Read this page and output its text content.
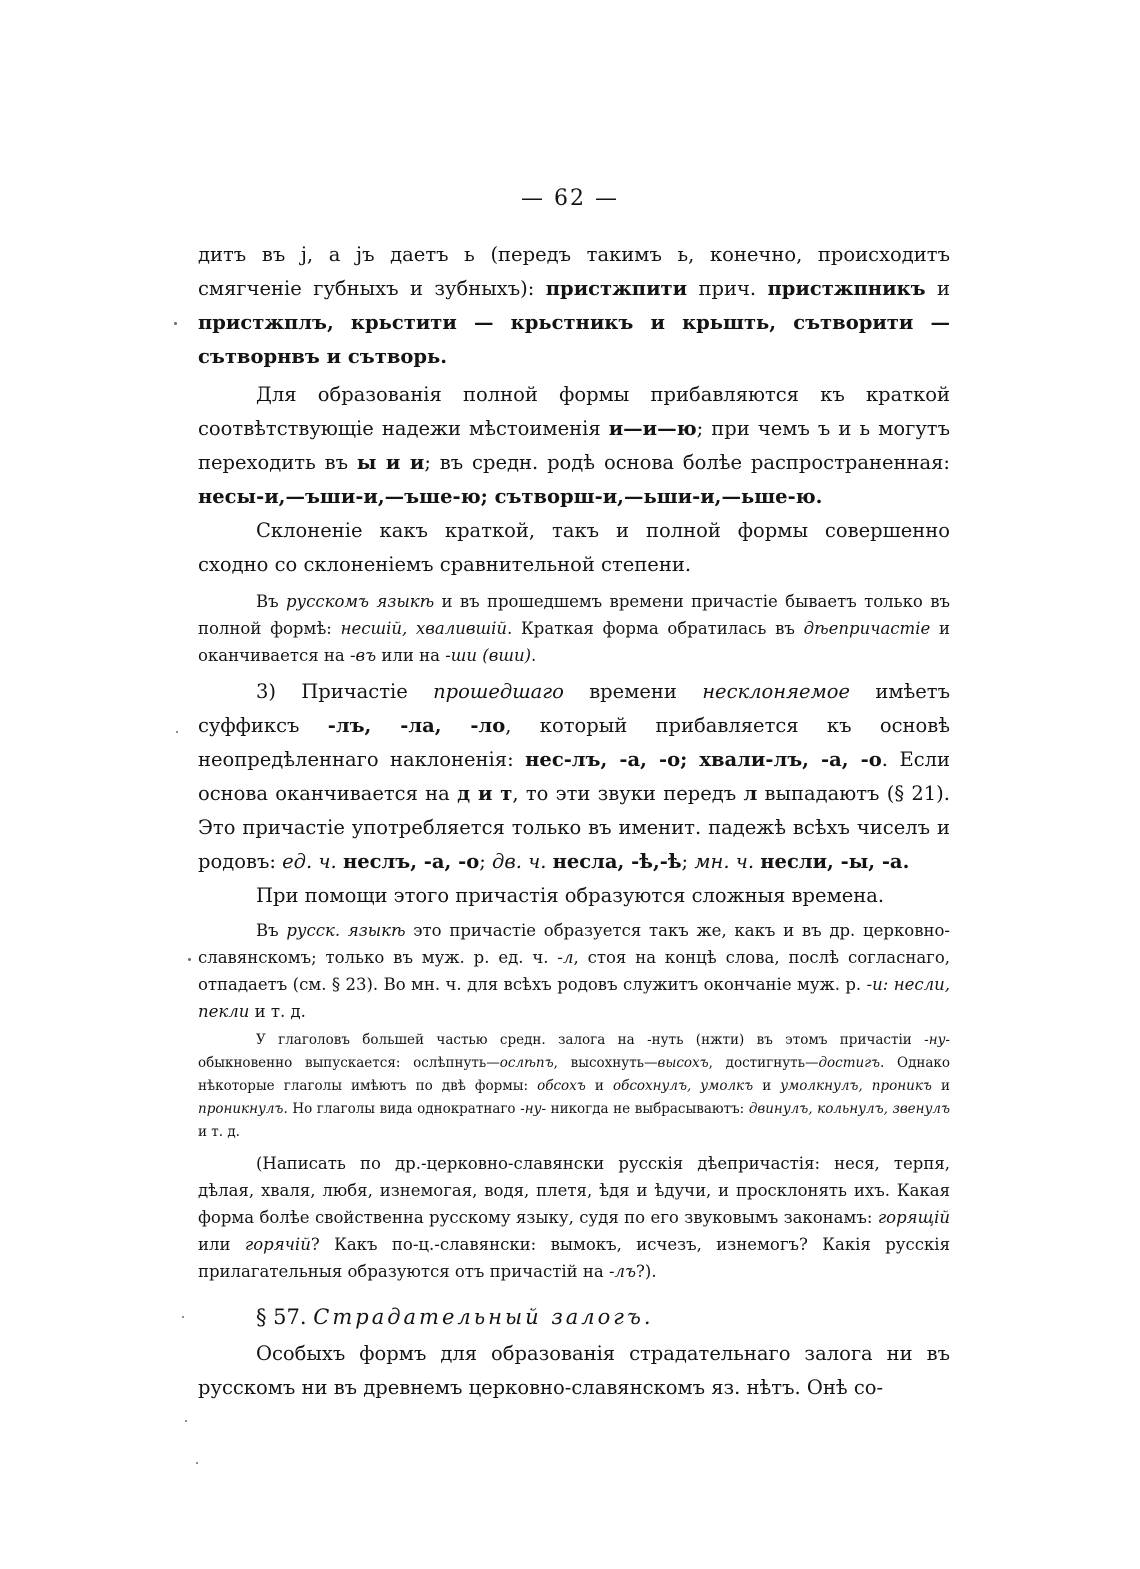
— 62 —

дитъ въ j, а jъ даетъ ь (передъ такимъ ь, конечно, происходитъ смягченіе губныхъ и зубныхъ): пристжпити прич. пристжпникъ и пристжплъ, крьстити — крьстникъ и крьшть, сътворити — сътворнвъ и сътворь.

Для образованія полной формы прибавляются къ краткой соотвѣтствующіе надежи мѣстоименія и—и—ю; при чемъ ъ и ь могутъ переходить въ ы и и; въ средн. родѣ основа болѣе распространенная: несы-и,—ъши-и,—ъше-ю; сътворш-и,—ьши-и,—ьше-ю.

Склоненіе какъ краткой, такъ и полной формы совершенно сходно со склоненіемъ сравнительной степени.

Въ русскомъ языкѣ и въ прошедшемъ времени причастіе бываетъ только въ полной формѣ: несшій, хвалившій. Краткая форма обратилась въ дѣепричастіе и оканчивается на -въ или на -ши (вши).

3) Причастіе прошедшаго времени несклоняемое имѣетъ суффиксъ -лъ, -ла, -ло, который прибавляется къ основѣ неопредѣленнаго наклоненія: нес-лъ, -а, -о; хвали-лъ, -а, -о. Если основа оканчивается на д и т, то эти звуки передъ л выпадаютъ (§ 21). Это причастіе употребляется только въ именит. падежѣ всѣхъ чиселъ и родовъ: ед. ч. неслъ, -а, -о; дв. ч. несла, -ѣ,-ѣ; мн. ч. несли, -ы, -а.

При помощи этого причастія образуются сложныя времена.

Въ русск. языкѣ это причастіе образуется такъ же, какъ и въ др. церковно-славянскомъ; только въ муж. р. ед. ч. -л, стоя на концѣ слова, послѣ согласнаго, отпадаетъ (см. § 23). Во мн. ч. для всѣхъ родовъ служитъ окончаніе муж. р. -и: несли, пекли и т. д.

У глаголовъ большей частью средн. залога на -нуть (нжти) въ этомъ причастіи -ну- обыкновенно выпускается: ослѣпнуть—ослѣпъ, высохнуть—высохъ, достигнуть—достигъ. Однако нѣкоторые глаголы имѣютъ по двѣ формы: обсохъ и обсохнулъ, умолкъ и умолкнулъ, проникъ и проникнулъ. Но глаголы вида однократнаго -ну- никогда не выбрасываютъ: двинулъ, кольнулъ, звенулъ и т. д.

(Написать по др.-церковно-славянски русскія дѣепричастія: неся, терпя, дѣлая, хваля, любя, изнемогая, водя, плетя, ѣдя и ѣдучи, и просклонять ихъ. Какая форма болѣе свойственна русскому языку, судя по его звуковымъ законамъ: горящій или горячій? Какъ по-ц.-славянски: вымокъ, исчезъ, изнемогъ? Какія русскія прилагательныя образуются отъ причастій на -лъ?).

§ 57. Страдательный залогъ.

Особыхъ формъ для образованія страдательнаго залога ни въ русскомъ ни въ древнемъ церковно-славянскомъ яз. нѣтъ. Онѣ со-
